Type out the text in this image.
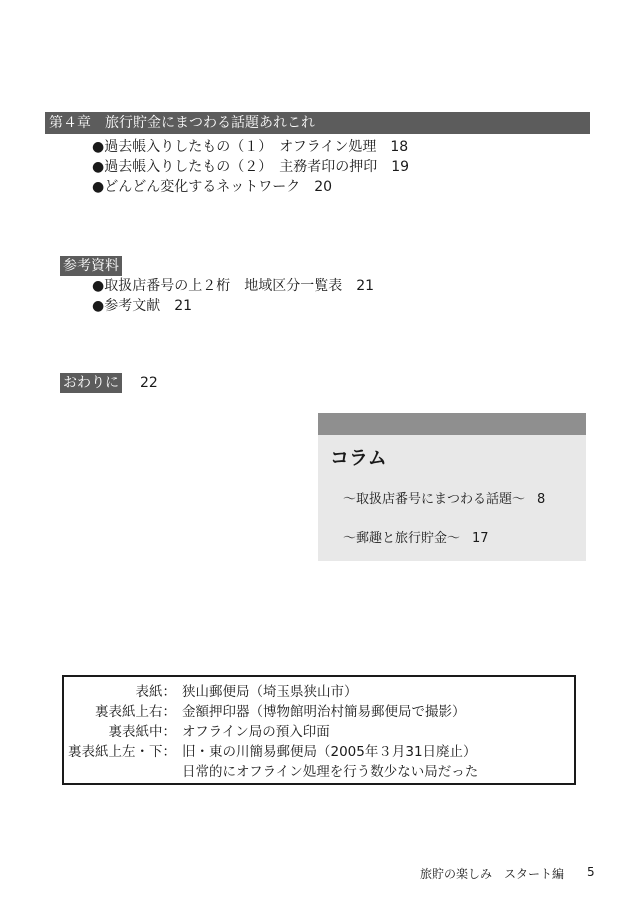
第４章　旅行貯金にまつわる話題あれこれ
●過去帳入りしたもの（１）　オフライン処理 18
●過去帳入りしたもの（２）　主務者印の押印 19
●どんどん変化するネットワーク 20
参考資料
●取扱店番号の上２桁　地域区分一覧表 21
●参考文献 21
おわりに 22
コラム
〜取扱店番号にまつわる話題〜 8
〜郵趣と旅行貯金〜 17
表紙： 狭山郵便局（埼玉県狭山市）
裏表紙上右： 金額押印器（博物館明治村簡易郵便局で撮影）
裏表紙中： オフライン局の預入印面
裏表紙上左・下： 旧・東の川簡易郵便局（2005年３月31日廃止）
日常的にオフライン処理を行う数少ない局だった
旅貯の楽しみ　スタート編 5
